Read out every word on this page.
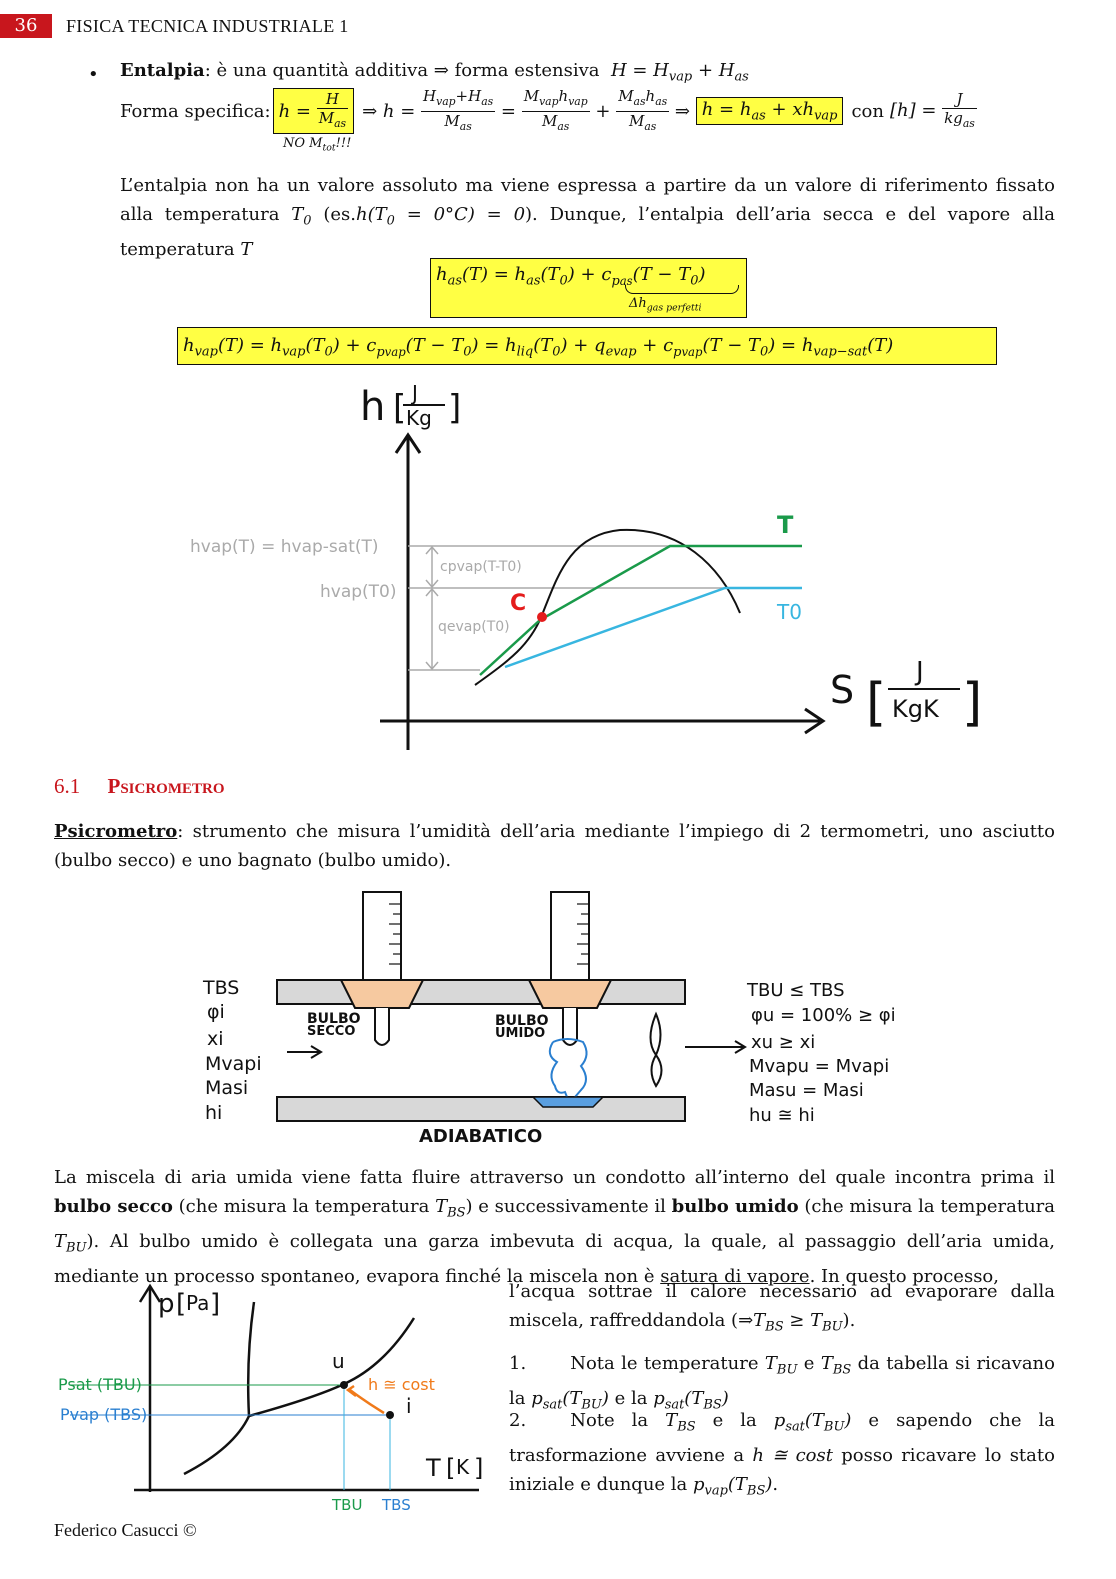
36	FISICA TECNICA INDUSTRIALE 1
• Entalpia: è una quantità additiva ⇒ forma estensiva  $H = H_{vap} + H_{as}$
Forma specifica: $h = \frac{H}{M_{as}}$ ⇒ $h = \frac{H_{vap}+H_{as}}{M_{as}} = \frac{M_{vap}h_{vap}}{M_{as}} + \frac{M_{as}h_{as}}{M_{as}}$ ⇒ $h = h_{as} + xh_{vap}$ con [h] =
$\frac{J}{kg_{as}}$
NO $M_{tot}$!!!
L’entalpia non ha un valore assoluto ma viene espressa a partire da un valore di riferimento fissato alla temperatura $T_0$ $(es.h(T_0 = 0^\circ C) = 0)$. Dunque, l’entalpia dell’aria secca e del vapore alla temperatura T
$h_{as}(T) = h_{as}(T_0) + c_{pas}(T - T_0)$
$\Delta h_{gas perfetti}$
$h_{vap}(T) = h_{vap}(T_0) + c_{pvap}(T - T_0) = h_{liq}(T_0) + q_{evap} + c_{pvap}(T - T_0) = h_{vap-sat}(T)$
h [ J
Kg ]
S [
J
KgK ]
hvap(T) = hvap-sat(T)
hvap(T0)
cpvap(T-T0)
qevap(T0)
C
T
T0
6.1 Psicrometro
Psicrometro: strumento che misura l’umidità dell’aria mediante l’impiego di 2 termometri, uno asciutto (bulbo secco) e uno bagnato (bulbo umido).
BULBO
SECCO
BULBO
UMIDO
ADIABATICO
TBS
φi
xi
Mvapi
Masi
hi
TBU ≤ TBS
φu = 100% ≥ φi
xu ≥ xi
Mvapu = Mvapi
Masu = Masi
hu ≅ hi
La miscela di aria umida viene fatta fluire attraverso un condotto all’interno del quale incontra prima il bulbo secco (che misura la temperatura $T_{BS}$) e successivamente il bulbo umido (che misura la temperatura $T_{BU}$). Al bulbo umido è collegata una garza imbevuta di acqua, la quale, al passaggio dell’aria umida, mediante un processo spontaneo, evapora finché la miscela non è satura di vapore. In questo processo,
l’acqua sottrae il calore necessario ad evaporare dalla miscela, raffreddandola $(\Rightarrow T_{BS} \ge T_{BU})$.
1. Nota le temperature $T_{BU}$ e $T_{BS}$ da tabella si ricavano la $p_{sat}(T_{BU})$ e la $p_{sat}(T_{BS})$
2. Note la $T_{BS}$ e la $p_{sat}(T_{BU})$ e sapendo che la trasformazione avviene a h ≅ cost posso ricavare lo stato iniziale e dunque la $p_{vap}(T_{BS})$.
p [ Pa ]
T [ K ]
u
i
h ≅ cost
Psat (TBU)
Pvap (TBS)
TBU TBS
Federico Casucci ©
